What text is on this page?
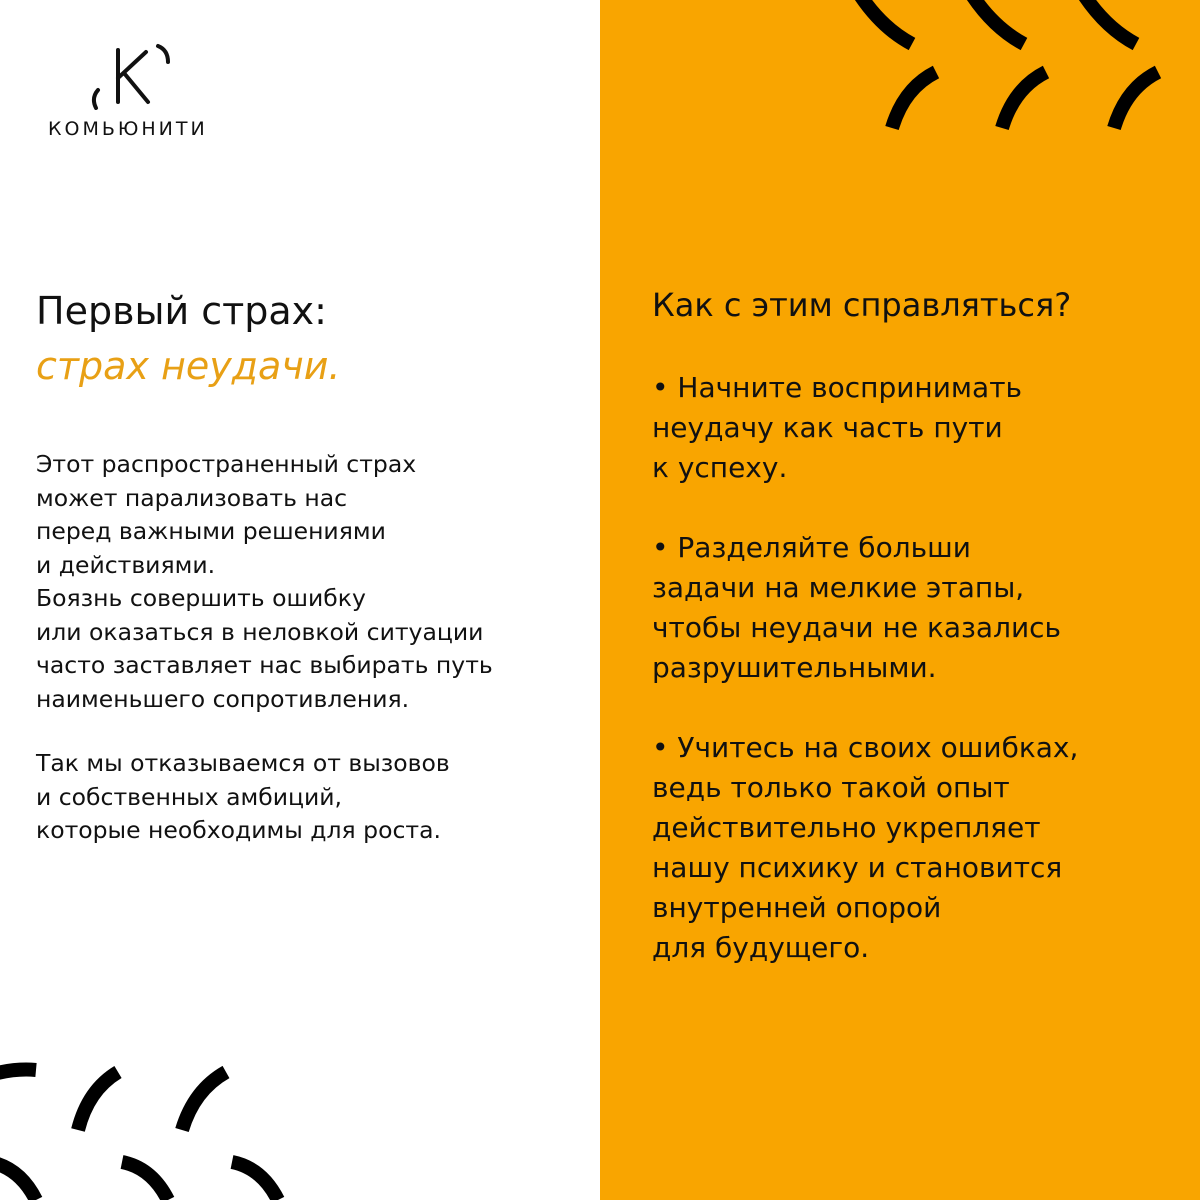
КОМЬЮНИТИ
Первый страх:
страх неудачи.
Этот распространенный страх
может парализовать нас
перед важными решениями
и действиями.
Боязнь совершить ошибку
или оказаться в неловкой ситуации
часто заставляет нас выбирать путь
наименьшего сопротивления.
Так мы отказываемся от вызовов
и собственных амбиций,
которые необходимы для роста.
Как с этим справляться?
• Начните воспринимать
неудачу как часть пути
к успеху.
• Разделяйте больши
задачи на мелкие этапы,
чтобы неудачи не казались
разрушительными.
• Учитесь на своих ошибках,
ведь только такой опыт
действительно укрепляет
нашу психику и становится
внутренней опорой
для будущего.
